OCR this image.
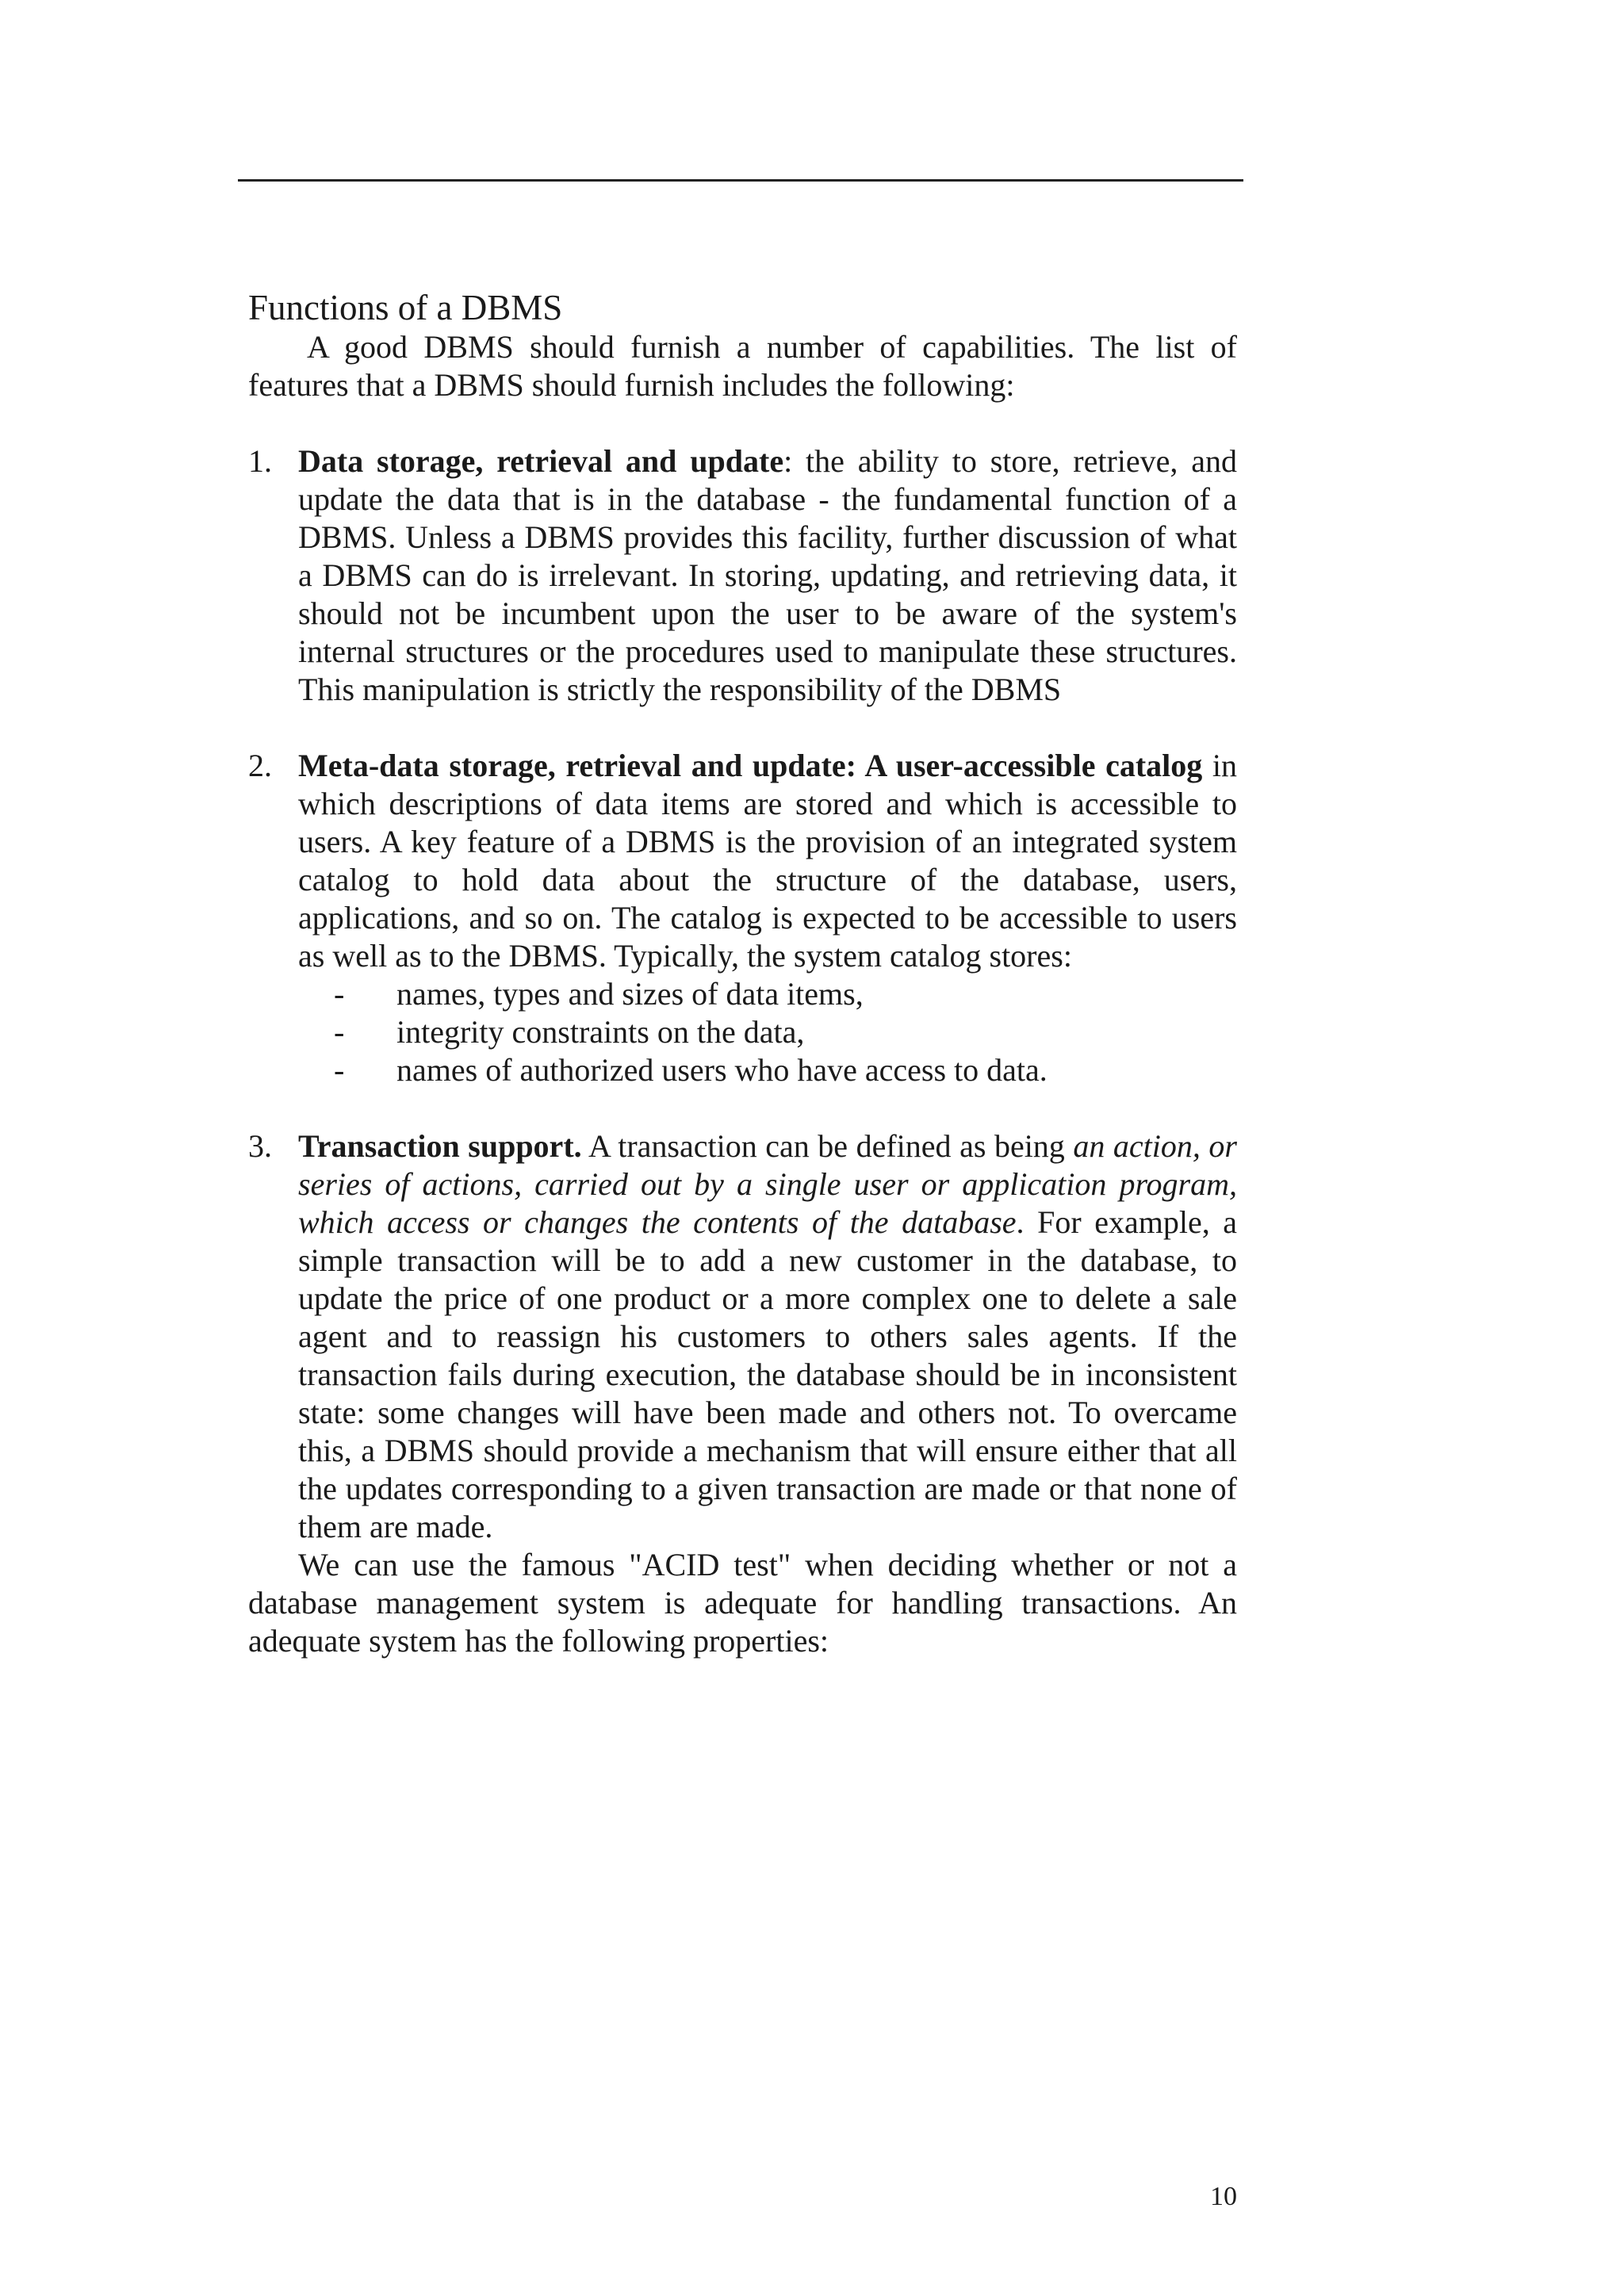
Functions of a DBMS

A good DBMS should furnish a number of capabilities. The list of features that a DBMS should furnish includes the following:

1. Data storage, retrieval and update: the ability to store, retrieve, and update the data that is in the database - the fundamental function of a DBMS. Unless a DBMS provides this facility, further discussion of what a DBMS can do is irrelevant. In storing, updating, and retrieving data, it should not be incumbent upon the user to be aware of the system's internal structures or the procedures used to manipulate these structures. This manipulation is strictly the responsibility of the DBMS

2. Meta-data storage, retrieval and update: A user-accessible catalog in which descriptions of data items are stored and which is accessible to users. A key feature of a DBMS is the provision of an integrated system catalog to hold data about the structure of the database, users, applications, and so on. The catalog is expected to be accessible to users as well as to the DBMS. Typically, the system catalog stores:

- names, types and sizes of data items,
- integrity constraints on the data,
- names of authorized users who have access to data.
3. Transaction support. A transaction can be defined as being an action, or series of actions, carried out by a single user or application program, which access or changes the contents of the database. For example, a simple transaction will be to add a new customer in the database, to update the price of one product or a more complex one to delete a sale agent and to reassign his customers to others sales agents. If the transaction fails during execution, the database should be in inconsistent state: some changes will have been made and others not. To overcame this, a DBMS should provide a mechanism that will ensure either that all the updates corresponding to a given transaction are made or that none of them are made.

We can use the famous "ACID test" when deciding whether or not a database management system is adequate for handling transactions. An adequate system has the following properties:

10
